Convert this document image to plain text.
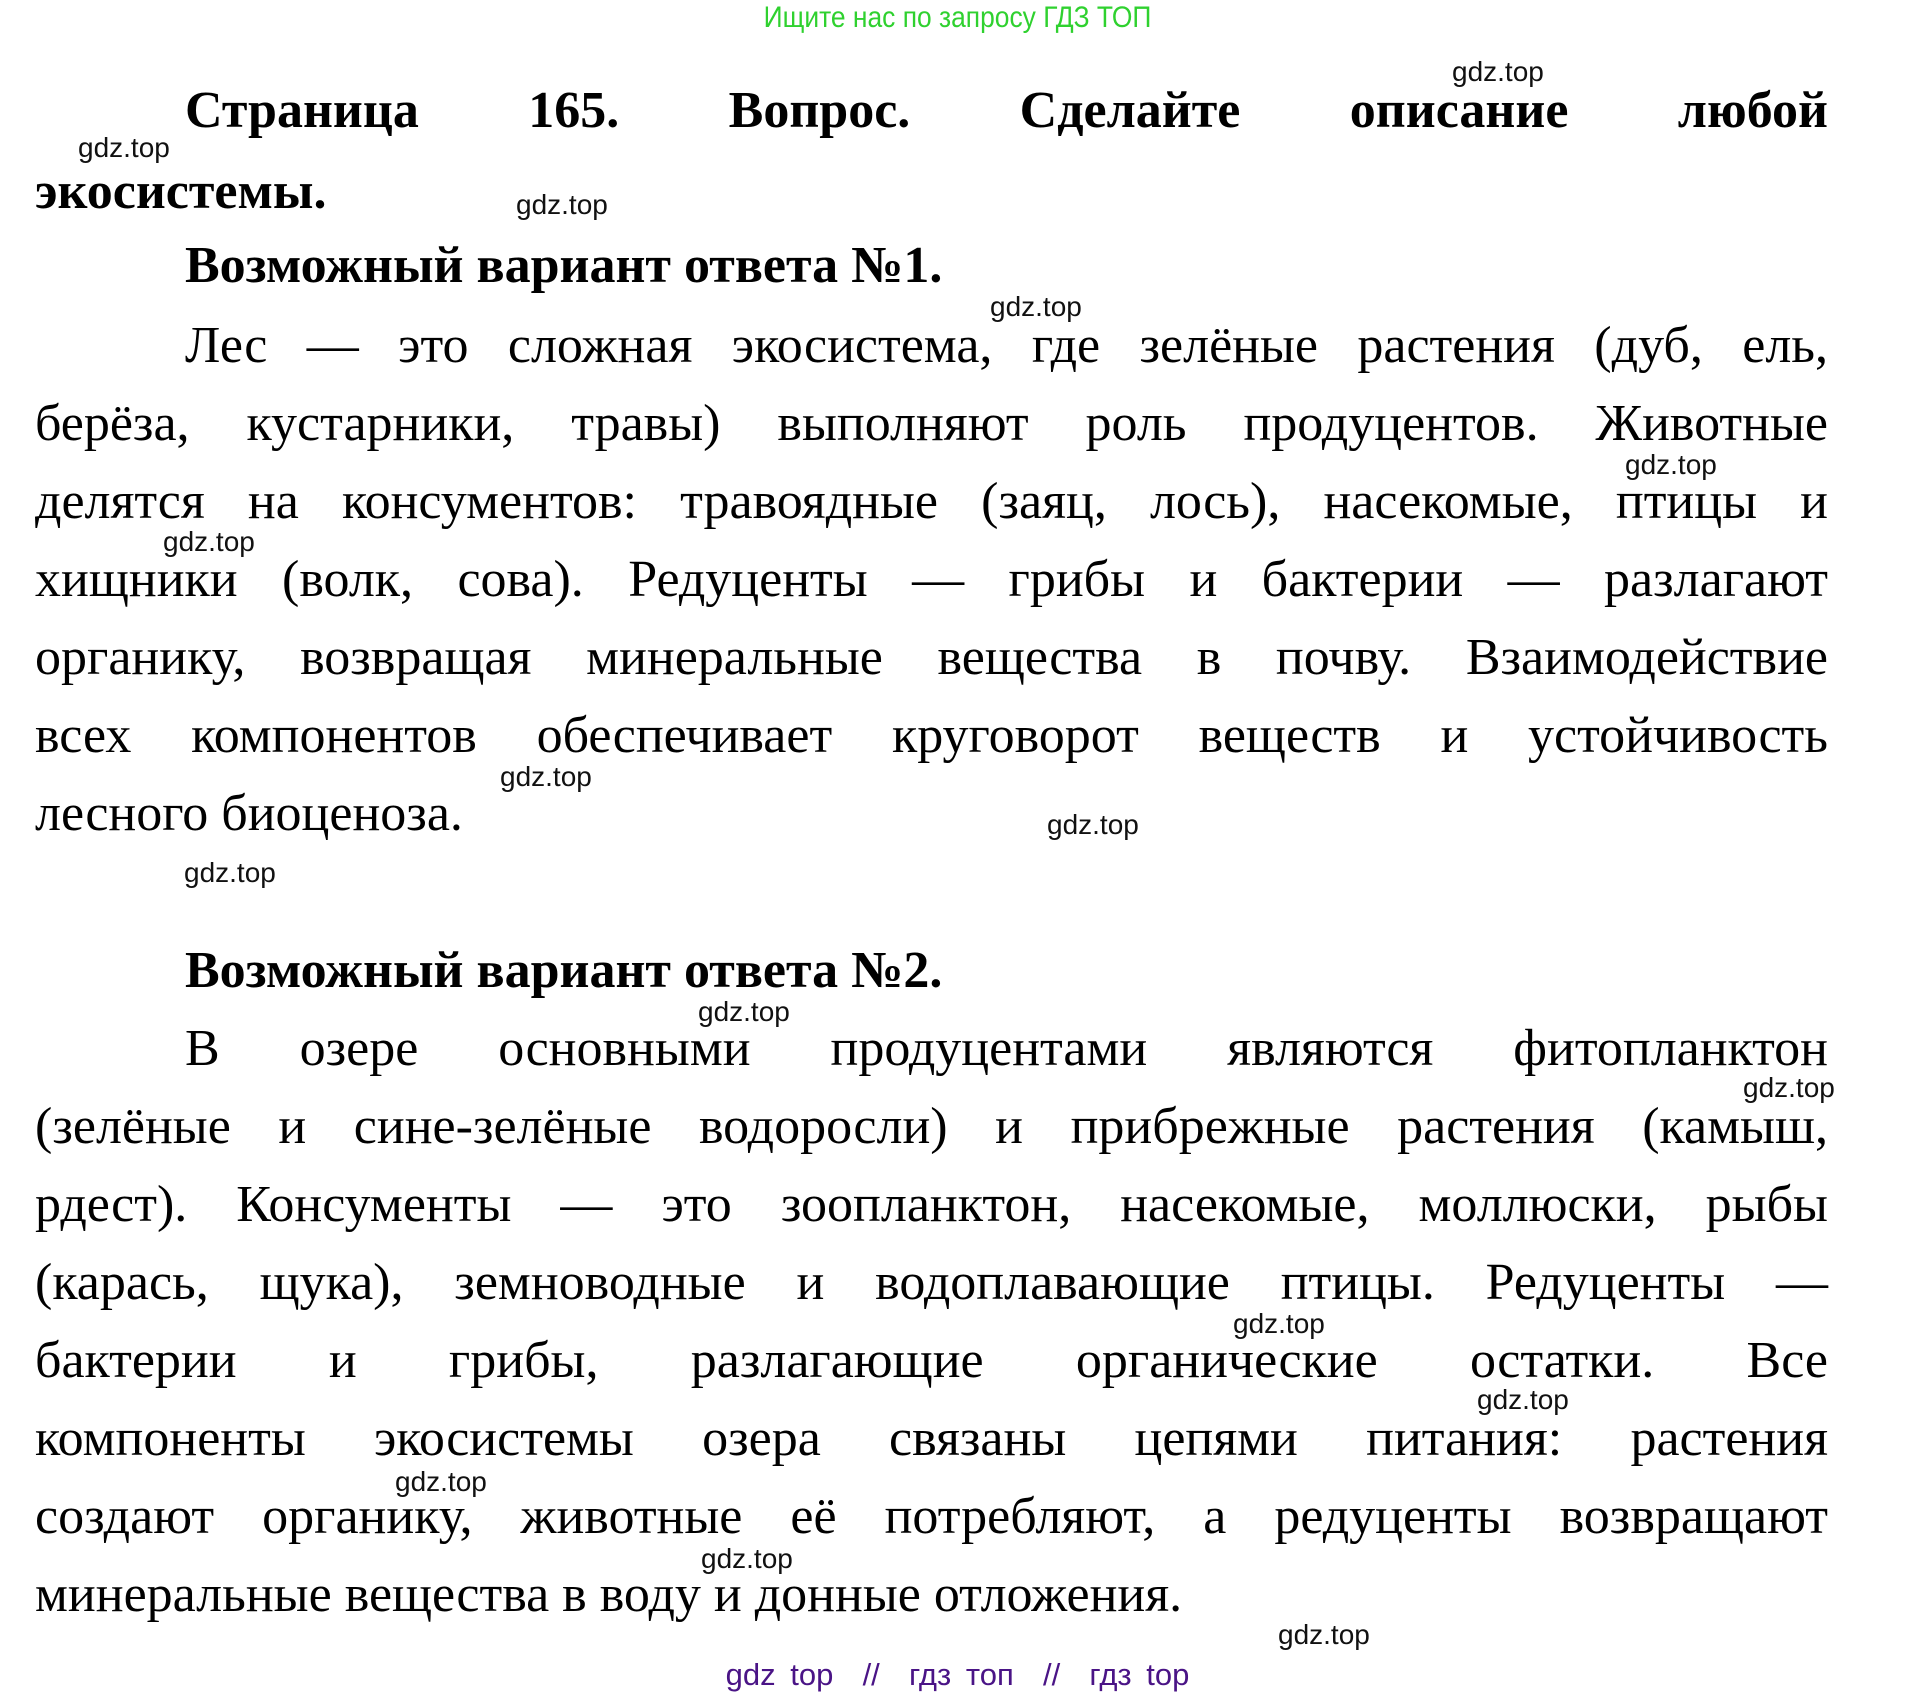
Ищите нас по запросу ГДЗ ТОП
Страница 165. Вопрос. Сделайте описание любой
экосистемы.
Возможный вариант ответа №1.
Лес — это сложная экосистема, где зелёные растения (дуб, ель,
берёза, кустарники, травы) выполняют роль продуцентов. Животные
делятся на консументов: травоядные (заяц, лось), насекомые, птицы и
хищники (волк, сова). Редуценты — грибы и бактерии — разлагают
органику, возвращая минеральные вещества в почву. Взаимодействие
всех компонентов обеспечивает круговорот веществ и устойчивость
лесного биоценоза.
Возможный вариант ответа №2.
В озере основными продуцентами являются фитопланктон
(зелёные и сине-зелёные водоросли) и прибрежные растения (камыш,
рдест). Консументы — это зоопланктон, насекомые, моллюски, рыбы
(карась, щука), земноводные и водоплавающие птицы. Редуценты —
бактерии и грибы, разлагающие органические остатки. Все
компоненты экосистемы озера связаны цепями питания: растения
создают органику, животные её потребляют, а редуценты возвращают
минеральные вещества в воду и донные отложения.
gdz.top
gdz.top
gdz.top
gdz.top
gdz.top
gdz.top
gdz.top
gdz.top
gdz.top
gdz.top
gdz.top
gdz.top
gdz.top
gdz.top
gdz.top
gdz.top
gdz top  //  гдз топ  //  гдз top
